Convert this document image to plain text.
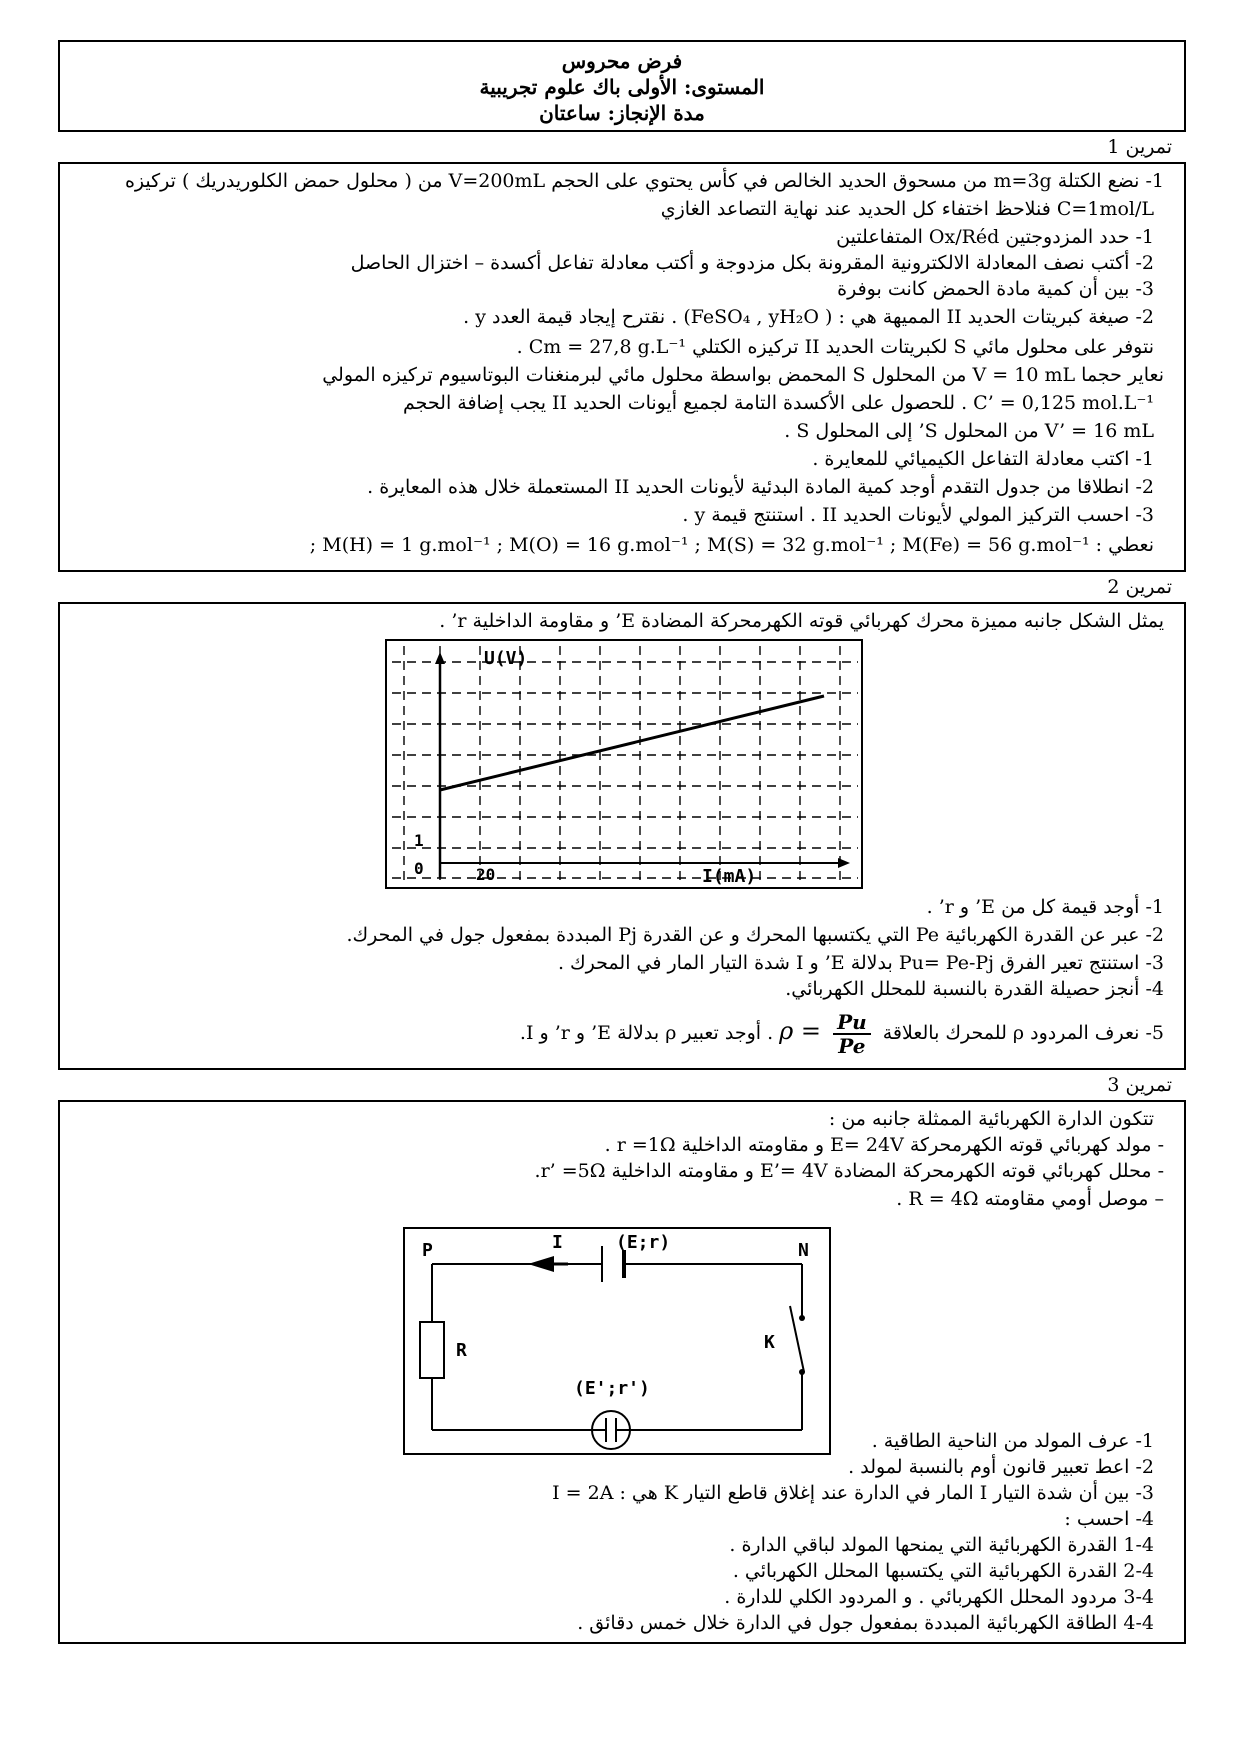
فرض محروس
المستوى: الأولى باك علوم تجريبية
مدة الإنجاز: ساعتان
تمرين 1
1- نضع الكتلة m=3g من مسحوق الحديد الخالص في كأس يحتوي على الحجم V=200mL من ( محلول حمض الكلوريدريك ) تركيزه
C=1mol/L فنلاحظ اختفاء كل الحديد عند نهاية التصاعد الغازي
1- حدد المزدوجتين Ox/Réd المتفاعلتين
2- أكتب نصف المعادلة الالكترونية المقرونة بكل مزدوجة و أكتب معادلة تفاعل أكسدة – اختزال الحاصل
3- بين أن كمية مادة الحمض كانت بوفرة
2- صيغة كبريتات الحديد II المميهة هي : ( FeSO₄ , yH₂O) . نقترح إيجاد قيمة العدد y .
نتوفر على محلول مائي S لكبريتات الحديد II تركيزه الكتلي Cm = 27,8 g.L⁻¹ .
نعاير حجما V = 10 mL من المحلول S المحمض بواسطة محلول مائي لبرمنغنات البوتاسيوم تركيزه المولي
C’ = 0,125 mol.L⁻¹ . للحصول على الأكسدة التامة لجميع أيونات الحديد II يجب إضافة الحجم
V’ = 16 mL من المحلول S’ إلى المحلول S .
1- اكتب معادلة التفاعل الكيميائي للمعايرة .
2- انطلاقا من جدول التقدم أوجد كمية المادة البدئية لأيونات الحديد II المستعملة خلال هذه المعايرة .
3- احسب التركيز المولي لأيونات الحديد II . استنتج قيمة y .
نعطي : M(H) = 1 g.mol⁻¹ ; M(O) = 16 g.mol⁻¹ ; M(S) = 32 g.mol⁻¹ ; M(Fe) = 56 g.mol⁻¹ ;
تمرين 2
يمثل الشكل جانبه مميزة محرك كهربائي قوته الكهرمحركة المضادة E’ و مقاومة الداخلية r’ .
U(V)
I(mA)
1
20
0
1- أوجد قيمة كل من E’ و r’ .
2- عبر عن القدرة الكهربائية Pe التي يكتسبها المحرك و عن القدرة Pj المبددة بمفعول جول في المحرك.
3- استنتج تعير الفرق Pu= Pe-Pj بدلالة E’ و I شدة التيار المار في المحرك .
4- أنجز حصيلة القدرة بالنسبة للمحلل الكهربائي.
5- نعرف المردود ρ للمحرك بالعلاقة
$\frac{Pu}{Pe}$
ρ = . أوجد تعبير ρ بدلالة E’ و r’ و I.
تمرين 3
تتكون الدارة الكهربائية الممثلة جانبه من :
- مولد كهربائي قوته الكهرمحركة E= 24V و مقاومته الداخلية r =1Ω .
- محلل كهربائي قوته الكهرمحركة المضادة E’= 4V و مقاومته الداخلية r’ =5Ω.
– موصل أومي مقاومته R = 4Ω .
P	N
I	(E;r)
R	K
(E';r')
1- عرف المولد من الناحية الطاقية .
2- اعط تعبير قانون أوم بالنسبة لمولد .
3- بين أن شدة التيار I المار في الدارة عند إغلاق قاطع التيار K هي : I = 2A
4- احسب :
1-4 القدرة الكهربائية التي يمنحها المولد لباقي الدارة .
2-4 القدرة الكهربائية التي يكتسبها المحلل الكهربائي .
3-4 مردود المحلل الكهربائي . و المردود الكلي للدارة .
4-4 الطاقة الكهربائية المبددة بمفعول جول في الدارة خلال خمس دقائق .
